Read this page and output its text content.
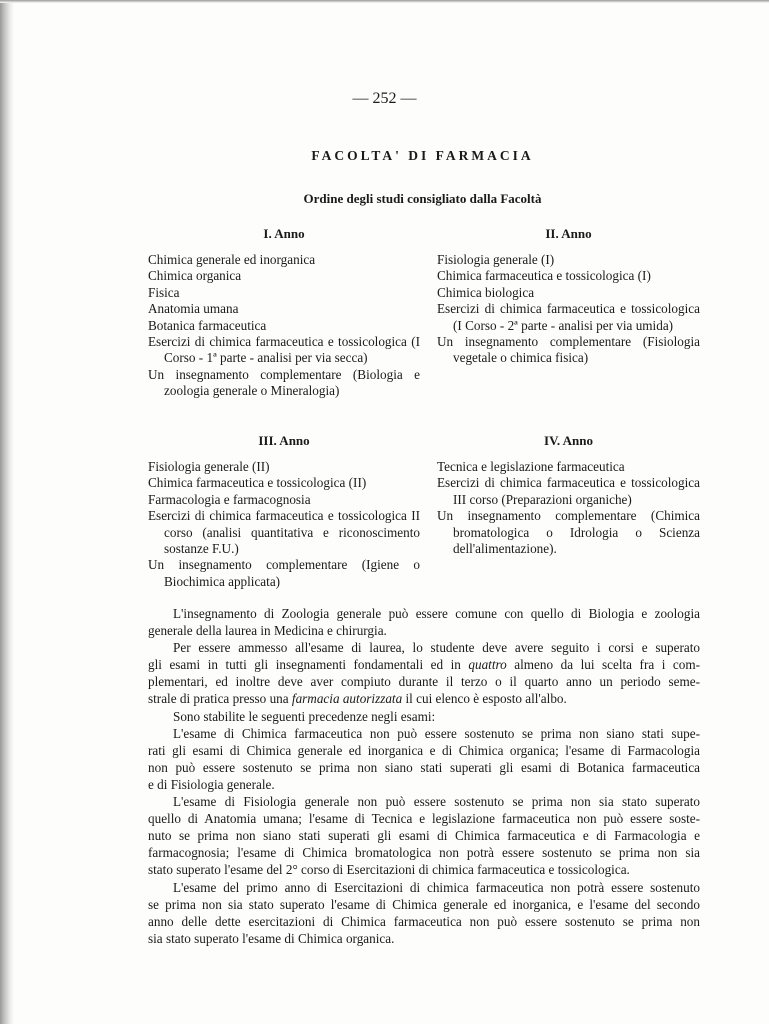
— 252 —
FACOLTA' DI FARMACIA
Ordine degli studi consigliato dalla Facoltà
I. Anno

Chimica generale ed inorganica

Chimica organica

Fisica

Anatomia umana

Botanica farmaceutica

Esercizi di chimica farmaceutica e tossicologica (I Corso - 1ª parte - analisi per via secca)

Un insegnamento complementare (Biologia e zoologia generale o Mineralogia)

II. Anno

Fisiologia generale (I)

Chimica farmaceutica e tossicologica (I)

Chimica biologica

Esercizi di chimica farmaceutica e tossicologica (I Corso - 2ª parte - analisi per via umida)

Un insegnamento complementare (Fisiologia vegetale o chimica fisica)

III. Anno

Fisiologia generale (II)

Chimica farmaceutica e tossicologica (II)

Farmacologia e farmacognosia

Esercizi di chimica farmaceutica e tossicologica II corso (analisi quantitativa e riconoscimento sostanze F.U.)

Un insegnamento complementare (Igiene o Biochimica applicata)

IV. Anno

Tecnica e legislazione farmaceutica

Esercizi di chimica farmaceutica e tossicologica III corso (Preparazioni organiche)

Un insegnamento complementare (Chimica bromatologica o Idrologia o Scienza dell'alimentazione).

L'insegnamento di Zoologia generale può essere comune con quello di Biologia e zoologia
generale della laurea in Medicina e chirurgia.
Per essere ammesso all'esame di laurea, lo studente deve avere seguito i corsi e superato
gli esami in tutti gli insegnamenti fondamentali ed in quattro almeno da lui scelta fra i com-
plementari, ed inoltre deve aver compiuto durante il terzo o il quarto anno un periodo seme-
strale di pratica presso una farmacia autorizzata il cui elenco è esposto all'albo.
Sono stabilite le seguenti precedenze negli esami:
L'esame di Chimica farmaceutica non può essere sostenuto se prima non siano stati supe-
rati gli esami di Chimica generale ed inorganica e di Chimica organica; l'esame di Farmacologia
non può essere sostenuto se prima non siano stati superati gli esami di Botanica farmaceutica
e di Fisiologia generale.
L'esame di Fisiologia generale non può essere sostenuto se prima non sia stato superato
quello di Anatomia umana; l'esame di Tecnica e legislazione farmaceutica non può essere soste-
nuto se prima non siano stati superati gli esami di Chimica farmaceutica e di Farmacologia e
farmacognosia; l'esame di Chimica bromatologica non potrà essere sostenuto se prima non sia
stato superato l'esame del 2° corso di Esercitazioni di chimica farmaceutica e tossicologica.
L'esame del primo anno di Esercitazioni di chimica farmaceutica non potrà essere sostenuto
se prima non sia stato superato l'esame di Chimica generale ed inorganica, e l'esame del secondo
anno delle dette esercitazioni di Chimica farmaceutica non può essere sostenuto se prima non
sia stato superato l'esame di Chimica organica.
